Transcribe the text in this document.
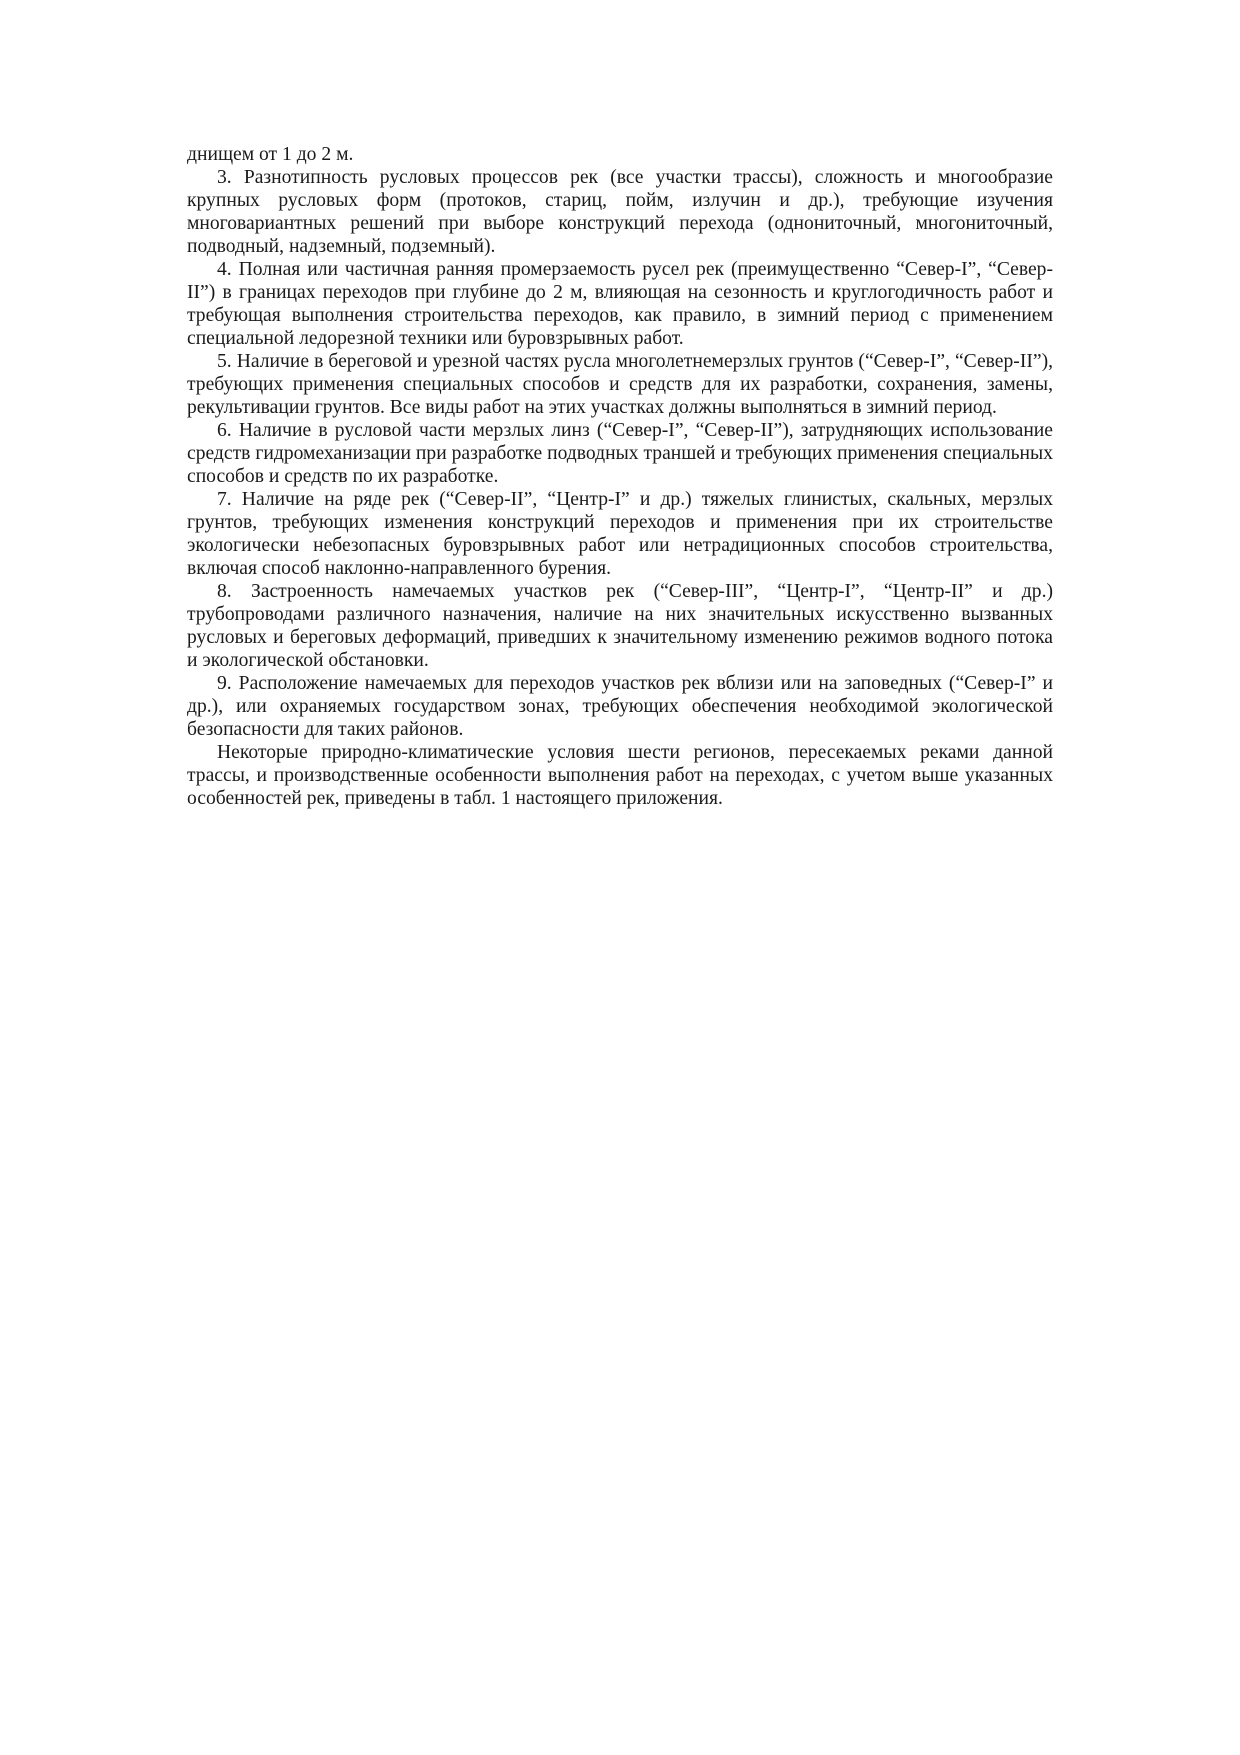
днищем от 1 до 2 м.

3. Разнотипность русловых процессов рек (все участки трассы), сложность и многообразие крупных русловых форм (протоков, стариц, пойм, излучин и др.), требующие изучения многовариантных решений при выборе конструкций перехода (однониточный, многониточный, подводный, надземный, подземный).

4. Полная или частичная ранняя промерзаемость русел рек (преимущественно “Север-I”, “Север-II”) в границах переходов при глубине до 2 м, влияющая на сезонность и круглогодичность работ и требующая выполнения строительства переходов, как правило, в зимний период с применением специальной ледорезной техники или буровзрывных работ.

5. Наличие в береговой и урезной частях русла многолетнемерзлых грунтов (“Север-I”, “Север-II”), требующих применения специальных способов и средств для их разработки, сохранения, замены, рекультивации грунтов. Все виды работ на этих участках должны выполняться в зимний период.

6. Наличие в русловой части мерзлых линз (“Север-I”, “Север-II”), затрудняющих использование средств гидромеханизации при разработке подводных траншей и требующих применения специальных способов и средств по их разработке.

7. Наличие на ряде рек (“Север-II”, “Центр-I” и др.) тяжелых глинистых, скальных, мерзлых грунтов, требующих изменения конструкций переходов и применения при их строительстве экологически небезопасных буровзрывных работ или нетрадиционных способов строительства, включая способ наклонно-направленного бурения.

8. Застроенность намечаемых участков рек (“Север-III”, “Центр-I”, “Центр-II” и др.) трубопроводами различного назначения, наличие на них значительных искусственно вызванных русловых и береговых деформаций, приведших к значительному изменению режимов водного потока и экологической обстановки.

9. Расположение намечаемых для переходов участков рек вблизи или на заповедных (“Север-I” и др.), или охраняемых государством зонах, требующих обеспечения необходимой экологической безопасности для таких районов.

Некоторые природно-климатические условия шести регионов, пересекаемых реками данной трассы, и производственные особенности выполнения работ на переходах, с учетом выше указанных особенностей рек, приведены в табл. 1 настоящего приложения.
